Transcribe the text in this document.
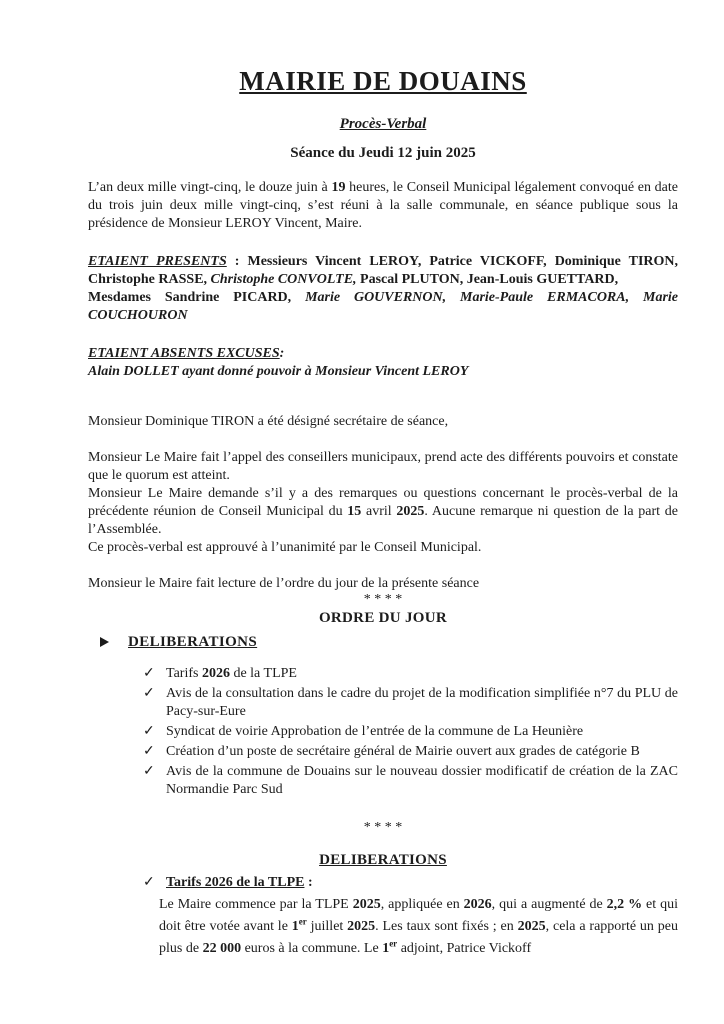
MAIRIE DE DOUAINS
Procès-Verbal
Séance du Jeudi 12 juin 2025

L’an deux mille vingt-cinq, le douze juin à 19 heures, le Conseil Municipal légalement convoqué en date du trois juin deux mille vingt-cinq, s’est réuni à la salle communale, en séance publique sous la présidence de Monsieur LEROY Vincent, Maire.

ETAIENT PRESENTS : Messieurs Vincent LEROY, Patrice VICKOFF, Dominique TIRON, Christophe RASSE, Christophe CONVOLTE, Pascal PLUTON, Jean-Louis GUETTARD,
Mesdames Sandrine PICARD, Marie GOUVERNON, Marie-Paule ERMACORA, Marie COUCHOURON

ETAIENT ABSENTS EXCUSES:
Alain DOLLET ayant donné pouvoir à Monsieur Vincent LEROY

Monsieur Dominique TIRON a été désigné secrétaire de séance,

Monsieur Le Maire fait l’appel des conseillers municipaux, prend acte des différents pouvoirs et constate que le quorum est atteint.
Monsieur Le Maire demande s’il y a des remarques ou questions concernant le procès-verbal de la précédente réunion de Conseil Municipal du 15 avril 2025. Aucune remarque ni question de la part de l’Assemblée.
Ce procès-verbal est approuvé à l’unanimité par le Conseil Municipal.

Monsieur le Maire fait lecture de l’ordre du jour de la présente séance

* * * *
ORDRE DU JOUR
DELIBERATIONS
✓ Tarifs 2026 de la TLPE
✓ Avis de la consultation dans le cadre du projet de la modification simplifiée n°7 du PLU de Pacy-sur-Eure
✓ Syndicat de voirie Approbation de l’entrée de la commune de La Heunière
✓ Création d’un poste de secrétaire général de Mairie ouvert aux grades de catégorie B
✓ Avis de la commune de Douains sur le nouveau dossier modificatif de création de la ZAC Normandie Parc Sud
* * * *
DELIBERATIONS
✓ Tarifs 2026 de la TLPE :

Le Maire commence par la TLPE 2025, appliquée en 2026, qui a augmenté de 2,2 % et qui doit être votée avant le 1er juillet 2025. Les taux sont fixés ; en 2025, cela a rapporté un peu plus de 22 000 euros à la commune. Le 1er adjoint, Patrice Vickoff
